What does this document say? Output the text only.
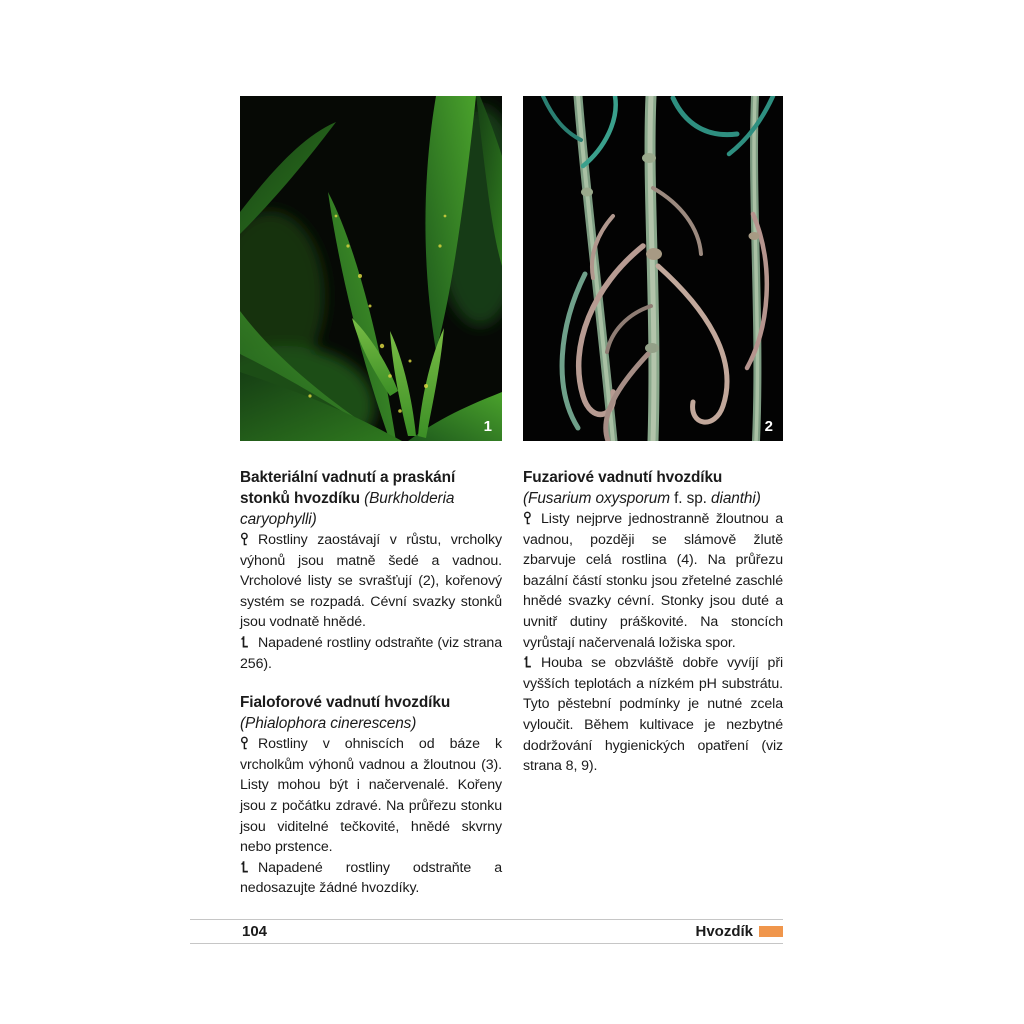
1	2
Bakteriální vadnutí a praskání stonků hvozdíku (Burkholderia caryophylli)

Rostliny zaostávají v růstu, vrcholky výhonů jsou matně šedé a vadnou. Vrcholové listy se svrašťují (2), kořenový systém se rozpadá. Cévní svazky stonků jsou vodnatě hnědé.

Napadené rostliny odstraňte (viz strana 256).

Fialoforové vadnutí hvozdíku (Phialophora cinerescens)

Rostliny v ohniscích od báze k vrcholkům výhonů vadnou a žloutnou (3). Listy mohou být i načervenalé. Kořeny jsou z počátku zdravé. Na průřezu stonku jsou viditelné tečkovité, hnědé skvrny nebo prstence.

Napadené rostliny odstraňte a nedosazujte žádné hvozdíky.

Fuzariové vadnutí hvozdíku (Fusarium oxysporum f. sp. dianthi)

Listy nejprve jednostranně žloutnou a vadnou, později se slámově žlutě zbarvuje celá rostlina (4). Na průřezu bazální částí stonku jsou zřetelné zaschlé hnědé svazky cévní. Stonky jsou duté a uvnitř dutiny práškovité. Na stoncích vyrůstají načervenalá ložiska spor.

Houba se obzvláště dobře vyvíjí při vyšších teplotách a nízkém pH substrátu. Tyto pěstební podmínky je nutné zcela vyloučit. Během kultivace je nezbytné dodržování hygienických opatření (viz strana 8, 9).

104	Hvozdík
